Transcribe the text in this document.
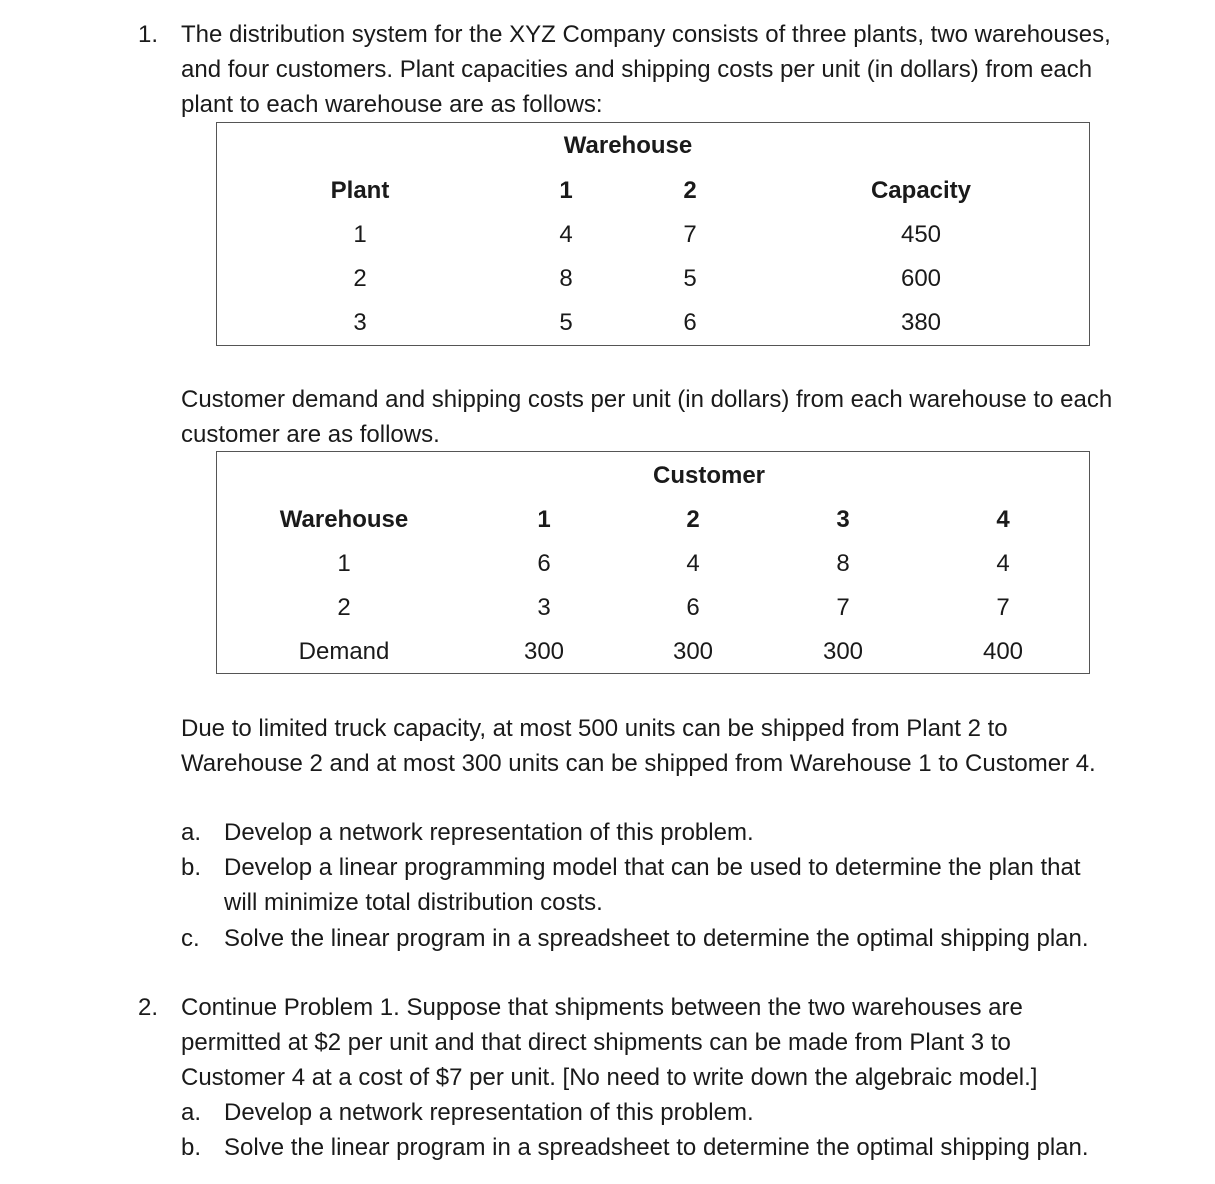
1. The distribution system for the XYZ Company consists of three plants, two warehouses,
and four customers. Plant capacities and shipping costs per unit (in dollars) from each
plant to each warehouse are as follows:
Warehouse
Plant	1	2	Capacity
1	4	7	450
2	8	5	600
3	5	6	380
Customer demand and shipping costs per unit (in dollars) from each warehouse to each
customer are as follows.
Customer
Warehouse	1	2	3	4
1	6	4	8	4
2	3	6	7	7
Demand	300	300	300	400
Due to limited truck capacity, at most 500 units can be shipped from Plant 2 to
Warehouse 2 and at most 300 units can be shipped from Warehouse 1 to Customer 4.
a. Develop a network representation of this problem.
b. Develop a linear programming model that can be used to determine the plan that
will minimize total distribution costs.
c.	Solve the linear program in a spreadsheet to determine the optimal shipping plan.
2. Continue Problem 1. Suppose that shipments between the two warehouses are
permitted at $2 per unit and that direct shipments can be made from Plant 3 to
Customer 4 at a cost of $7 per unit. [No need to write down the algebraic model.]
a. Develop a network representation of this problem.
b. Solve the linear program in a spreadsheet to determine the optimal shipping plan.
